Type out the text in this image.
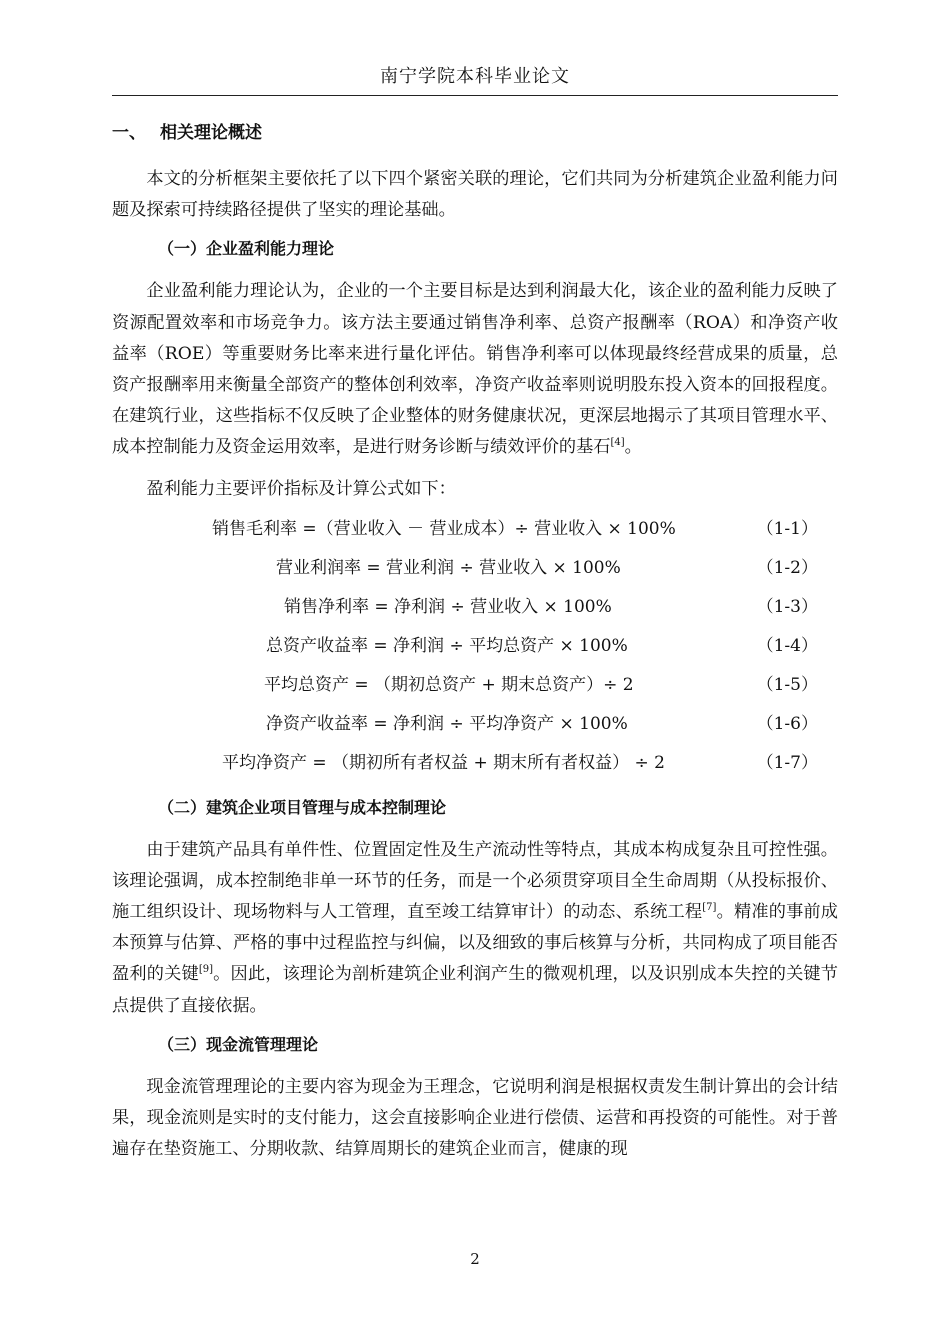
南宁学院本科毕业论文
一、 相关理论概述

本文的分析框架主要依托了以下四个紧密关联的理论，它们共同为分析建筑企业盈利能力问题及探索可持续路径提供了坚实的理论基础。

（一）企业盈利能力理论

企业盈利能力理论认为，企业的一个主要目标是达到利润最大化，该企业的盈利能力反映了资源配置效率和市场竞争力。该方法主要通过销售净利率、总资产报酬率（ROA）和净资产收益率（ROE）等重要财务比率来进行量化评估。销售净利率可以体现最终经营成果的质量，总资产报酬率用来衡量全部资产的整体创利效率，净资产收益率则说明股东投入资本的回报程度。在建筑行业，这些指标不仅反映了企业整体的财务健康状况，更深层地揭示了其项目管理水平、成本控制能力及资金运用效率，是进行财务诊断与绩效评价的基石[4]。

盈利能力主要评价指标及计算公式如下：

销售毛利率 =（营业收入 － 营业成本）÷ 营业收入 × 100%	（1-1）
营业利润率 = 营业利润 ÷ 营业收入 × 100%	（1-2）
销售净利率 = 净利润 ÷ 营业收入 × 100%	（1-3）
总资产收益率 = 净利润 ÷ 平均总资产 × 100%	（1-4）
平均总资产 = （期初总资产 + 期末总资产）÷ 2	（1-5）
净资产收益率 = 净利润 ÷ 平均净资产 × 100%	（1-6）
平均净资产 = （期初所有者权益 + 期末所有者权益） ÷ 2	（1-7）
（二）建筑企业项目管理与成本控制理论

由于建筑产品具有单件性、位置固定性及生产流动性等特点，其成本构成复杂且可控性强。该理论强调，成本控制绝非单一环节的任务，而是一个必须贯穿项目全生命周期（从投标报价、施工组织设计、现场物料与人工管理，直至竣工结算审计）的动态、系统工程[7]。精准的事前成本预算与估算、严格的事中过程监控与纠偏，以及细致的事后核算与分析，共同构成了项目能否盈利的关键[9]。因此，该理论为剖析建筑企业利润产生的微观机理，以及识别成本失控的关键节点提供了直接依据。

（三）现金流管理理论

现金流管理理论的主要内容为现金为王理念，它说明利润是根据权责发生制计算出的会计结果，现金流则是实时的支付能力，这会直接影响企业进行偿债、运营和再投资的可能性。对于普遍存在垫资施工、分期收款、结算周期长的建筑企业而言，健康的现

2
